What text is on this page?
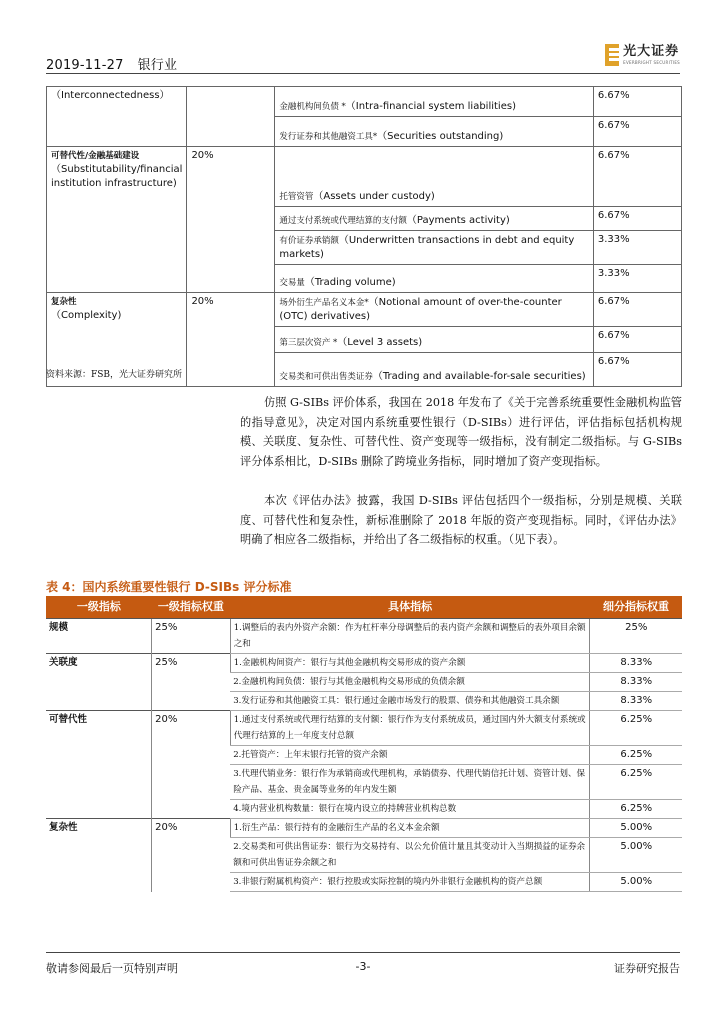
2019-11-27 银行业
光大证券
EVERBRIGHT SECURITIES
（Interconnectedness）		金融机构间负债 *（Intra-financial system liabilities)	6.67%
		发行证券和其他融资工具*（Securities outstanding)	6.67%

可替代性/金融基础建设
（Substitutability/financial institution infrastructure)	20%	托管资管（Assets under custody)	6.67%
		通过支付系统或代理结算的支付额（Payments activity)	6.67%
		有价证券承销额（Underwritten transactions in debt and equity markets)	3.33%
		交易量（Trading volume)	3.33%

复杂性
（Complexity)	20%	场外衍生产品名义本金*（Notional amount of over-the-counter (OTC) derivatives)	6.67%
		第三层次资产 *（Level 3 assets)	6.67%
		交易类和可供出售类证券（Trading and available-for-sale securities)	6.67%
资料来源：FSB，光大证券研究所

仿照 G-SIBs 评价体系，我国在 2018 年发布了《关于完善系统重要性金融机构监管的指导意见》，决定对国内系统重要性银行（D-SIBs）进行评估，评估指标包括机构规模、关联度、复杂性、可替代性、资产变现等一级指标，没有制定二级指标。与 G-SIBs 评分体系相比，D-SIBs 删除了跨境业务指标，同时增加了资产变现指标。

本次《评估办法》披露，我国 D-SIBs 评估包括四个一级指标，分别是规模、关联度、可替代性和复杂性，新标准删除了 2018 年版的资产变现指标。同时，《评估办法》明确了相应各二级指标，并给出了各二级指标的权重。（见下表）。

表 4：国内系统重要性银行 D-SIBs 评分标准
一级指标	一级指标权重	具体指标	细分指标权重
规模	25%	1.调整后的表内外资产余额：作为杠杆率分母调整后的表内资产余额和调整后的表外项目余额之和	25%
关联度	25%	1.金融机构间资产：银行与其他金融机构交易形成的资产余额	8.33%
		2.金融机构间负债：银行与其他金融机构交易形成的负债余额	8.33%
		3.发行证券和其他融资工具：银行通过金融市场发行的股票、债券和其他融资工具余额	8.33%
可替代性	20%	1.通过支付系统或代理行结算的支付额：银行作为支付系统成员，通过国内外大额支付系统或代理行结算的上一年度支付总额	6.25%
		2.托管资产：上年末银行托管的资产余额	6.25%
		3.代理代销业务：银行作为承销商或代理机构，承销债券、代理代销信托计划、资管计划、保险产品、基金、贵金属等业务的年内发生额	6.25%
		4.境内营业机构数量：银行在境内设立的持牌营业机构总数	6.25%
复杂性	20%	1.衍生产品：银行持有的金融衍生产品的名义本金余额	5.00%
		2.交易类和可供出售证券：银行为交易持有、以公允价值计量且其变动计入当期损益的证券余额和可供出售证券余额之和	5.00%
		3.非银行附属机构资产：银行控股或实际控制的境内外非银行金融机构的资产总额	5.00%
敬请参阅最后一页特别声明	-3-	证券研究报告
